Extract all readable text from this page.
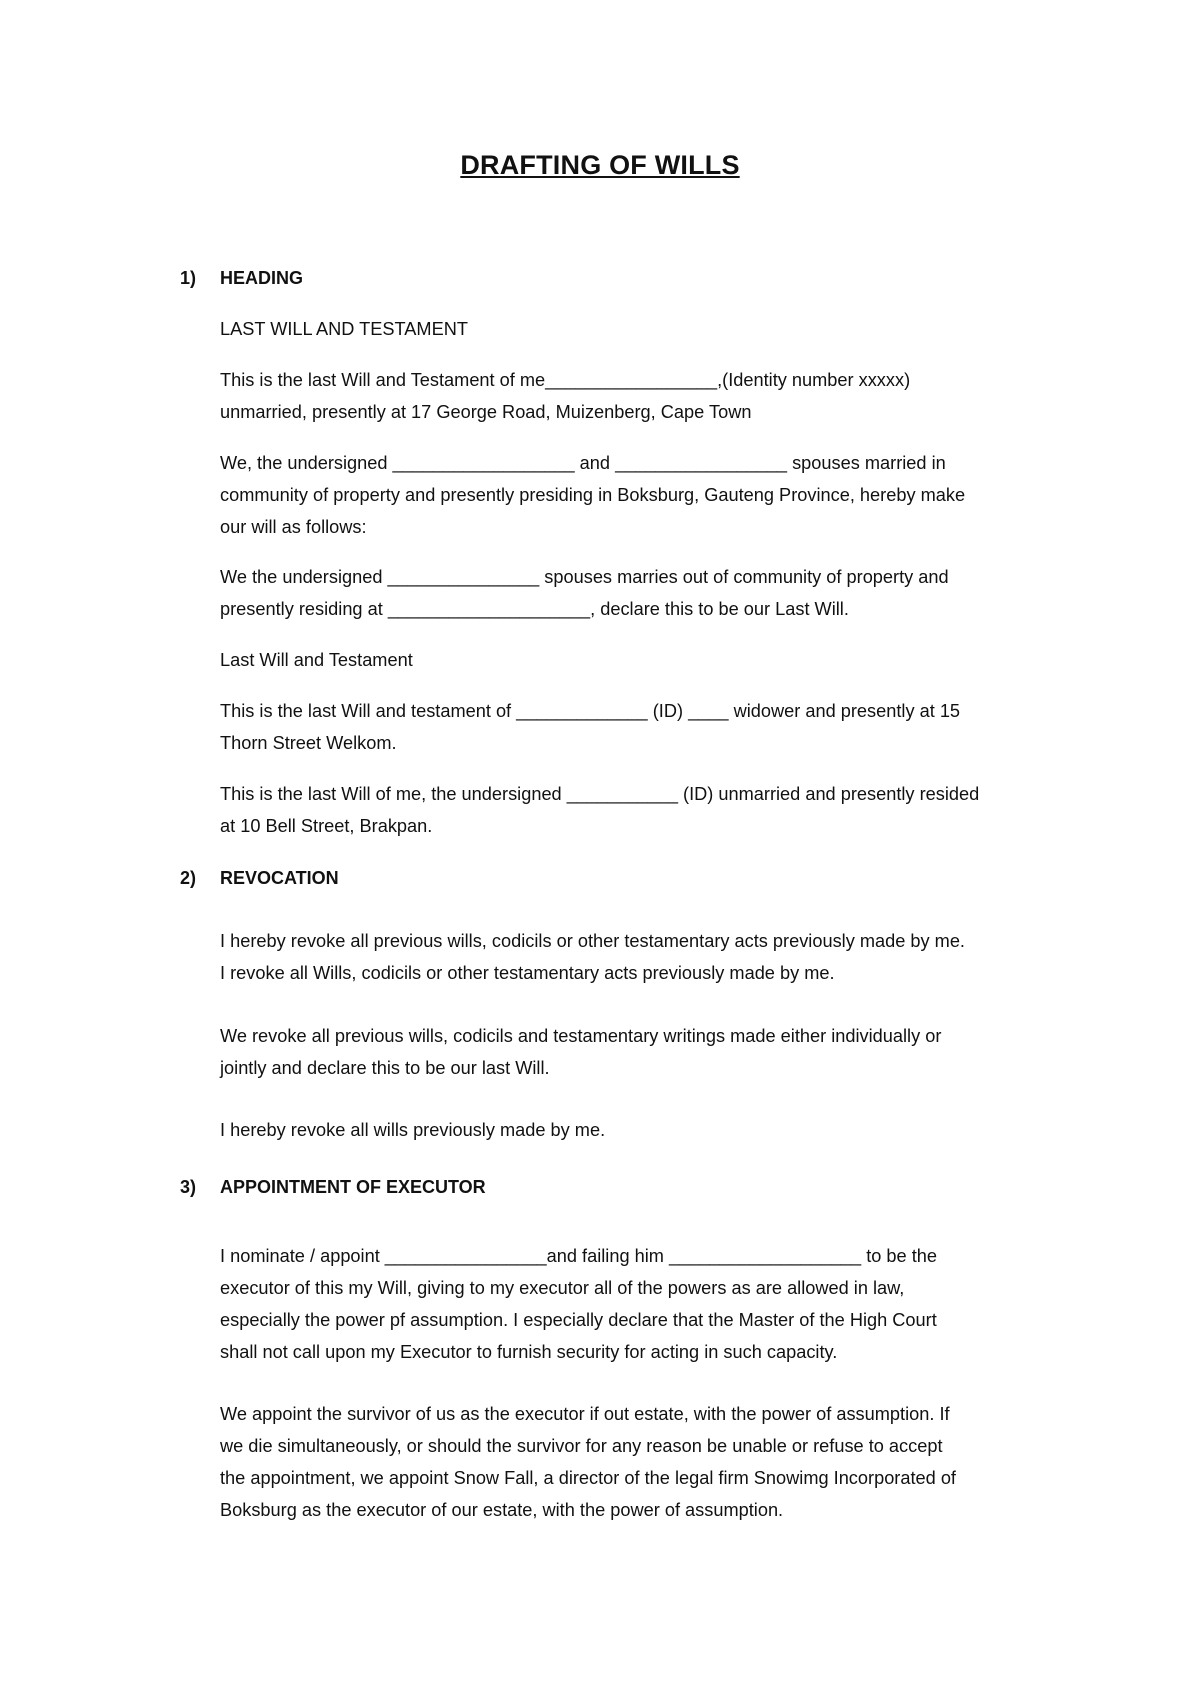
DRAFTING OF WILLS
1) HEADING
LAST WILL AND TESTAMENT
This is the last Will and Testament of me_________________,(Identity number xxxxx)
unmarried, presently at 17 George Road, Muizenberg, Cape Town
We, the undersigned __________________ and _________________ spouses married in
community of property and presently presiding in Boksburg, Gauteng Province, hereby make
our will as follows:
We the undersigned _______________ spouses marries out of community of property and
presently residing at ____________________, declare this to be our Last Will.
Last Will and Testament
This is the last Will and testament of _____________ (ID) ____ widower and presently at 15
Thorn Street Welkom.
This is the last Will of me, the undersigned ___________ (ID) unmarried and presently resided
at 10 Bell Street, Brakpan.
2) REVOCATION
I hereby revoke all previous wills, codicils or other testamentary acts previously made by me.
I revoke all Wills, codicils or other testamentary acts previously made by me.
We revoke all previous wills, codicils and testamentary writings made either individually or
jointly and declare this to be our last Will.
I hereby revoke all wills previously made by me.
3) APPOINTMENT OF EXECUTOR
I nominate / appoint ________________and failing him ___________________ to be the
executor of this my Will, giving to my executor all of the powers as are allowed in law,
especially the power pf assumption. I especially declare that the Master of the High Court
shall not call upon my Executor to furnish security for acting in such capacity.
We appoint the survivor of us as the executor if out estate, with the power of assumption. If
we die simultaneously, or should the survivor for any reason be unable or refuse to accept
the appointment, we appoint Snow Fall, a director of the legal firm Snowimg Incorporated of
Boksburg as the executor of our estate, with the power of assumption.
